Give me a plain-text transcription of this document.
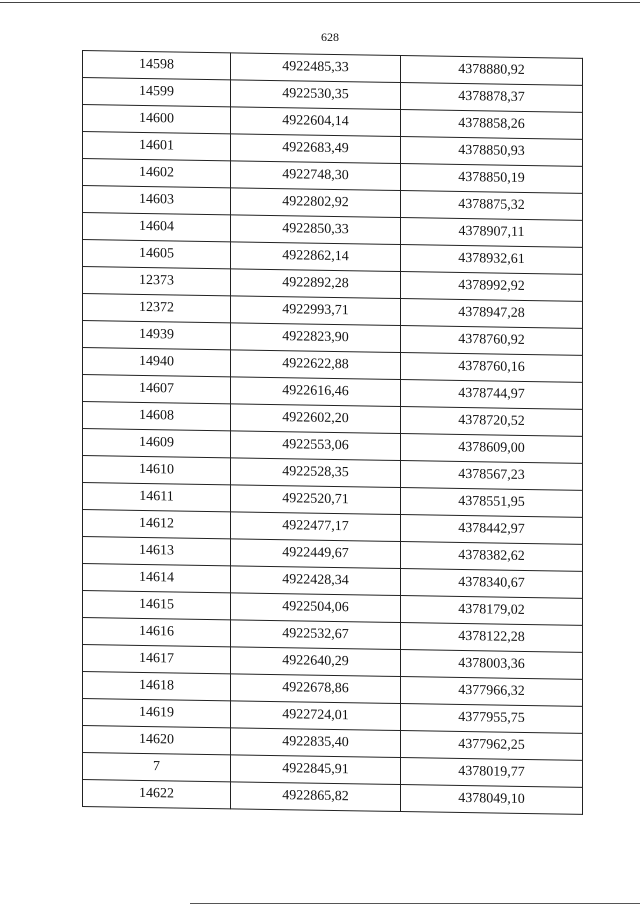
628
14598	4922485,33	4378880,92
14599	4922530,35	4378878,37
14600	4922604,14	4378858,26
14601	4922683,49	4378850,93
14602	4922748,30	4378850,19
14603	4922802,92	4378875,32
14604	4922850,33	4378907,11
14605	4922862,14	4378932,61
12373	4922892,28	4378992,92
12372	4922993,71	4378947,28
14939	4922823,90	4378760,92
14940	4922622,88	4378760,16
14607	4922616,46	4378744,97
14608	4922602,20	4378720,52
14609	4922553,06	4378609,00
14610	4922528,35	4378567,23
14611	4922520,71	4378551,95
14612	4922477,17	4378442,97
14613	4922449,67	4378382,62
14614	4922428,34	4378340,67
14615	4922504,06	4378179,02
14616	4922532,67	4378122,28
14617	4922640,29	4378003,36
14618	4922678,86	4377966,32
14619	4922724,01	4377955,75
14620	4922835,40	4377962,25
7	4922845,91	4378019,77
14622	4922865,82	4378049,10
